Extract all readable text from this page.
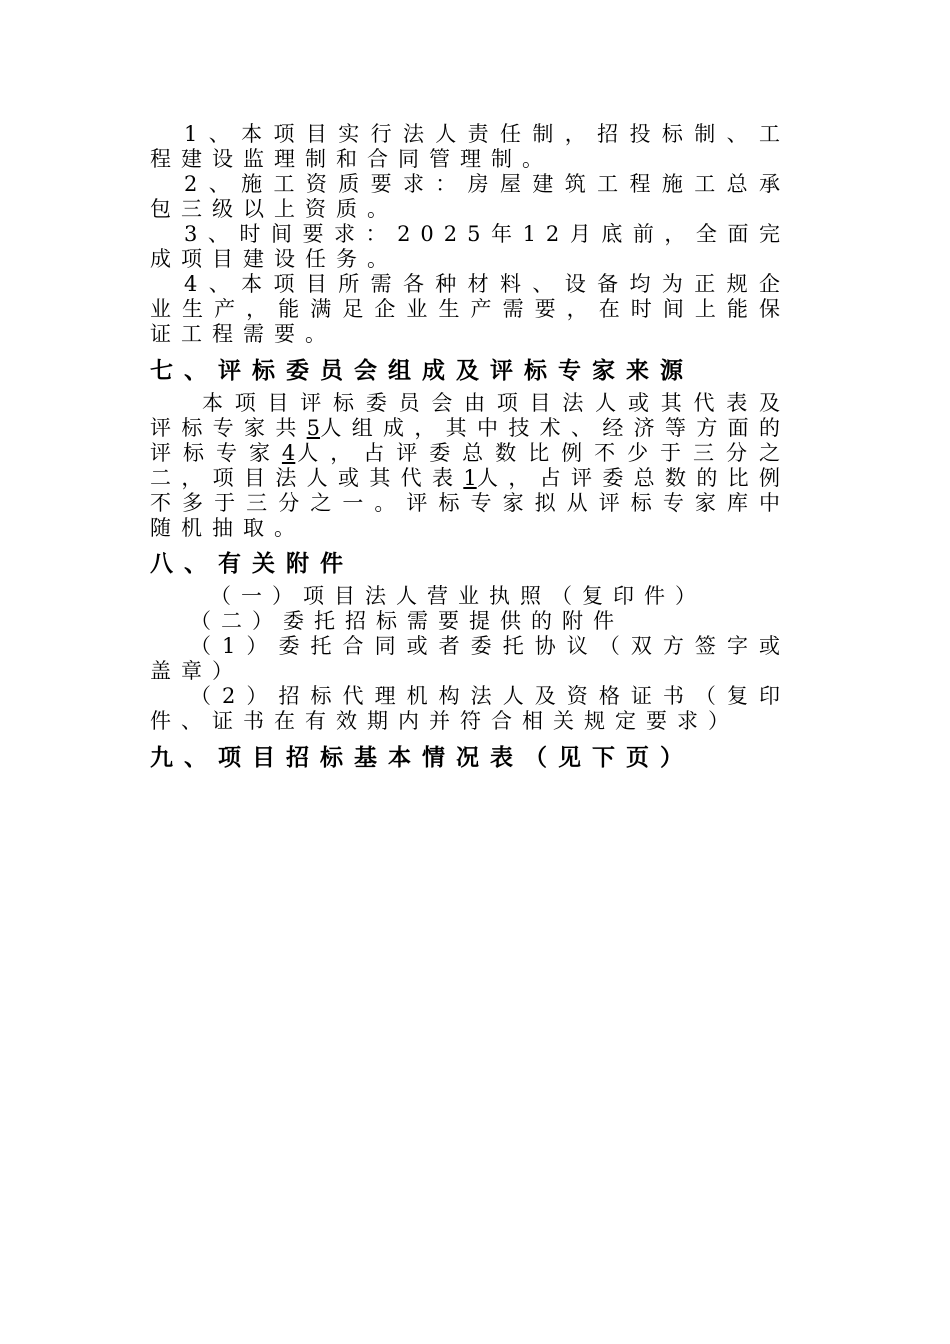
1、本项目实行法人责任制，招投标制、工程建设监理制和合同管理制。

2、施工资质要求：房屋建筑工程施工总承包三级以上资质。

3、时间要求：2025年12月底前，全面完成项目建设任务。

4、本项目所需各种材料、设备均为正规企业生产，能满足企业生产需要，在时间上能保证工程需要。

七、评标委员会组成及评标专家来源

本项目评标委员会由项目法人或其代表及评标专家共5人组成，其中技术、经济等方面的评标专家4人，占评委总数比例不少于三分之二，项目法人或其代表1人，占评委总数的比例不多于三分之一。评标专家拟从评标专家库中随机抽取。

八、有关附件

（一）项目法人营业执照（复印件）

（二）委托招标需要提供的附件

（1）委托合同或者委托协议（双方签字或盖章）

（2）招标代理机构法人及资格证书（复印件、证书在有效期内并符合相关规定要求）

九、项目招标基本情况表（见下页）
